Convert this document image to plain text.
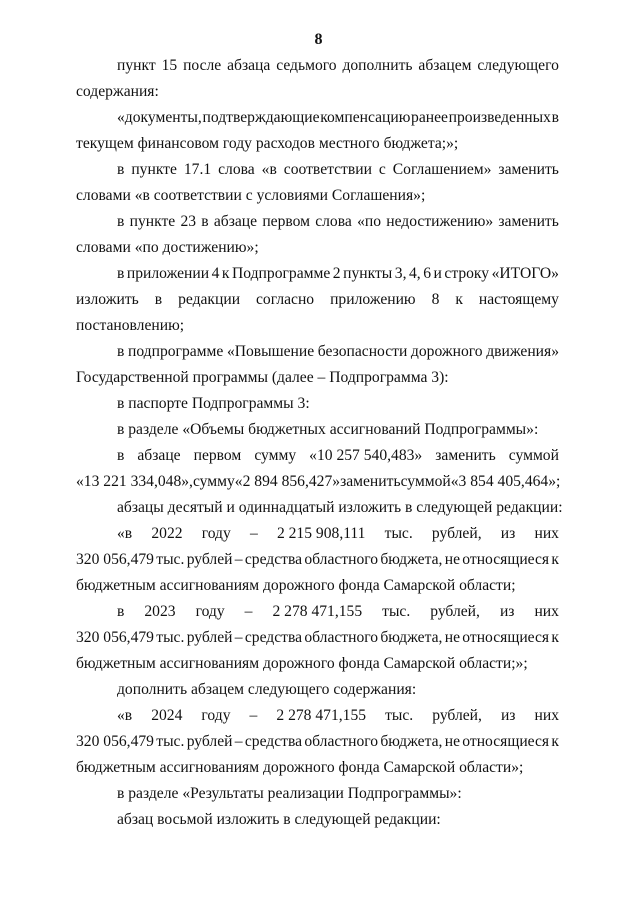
8
пункт 15 после абзаца седьмого дополнить абзацем следующего
содержания:
«документы, подтверждающие компенсацию ранее произведенных в
текущем финансовом году расходов местного бюджета;»;
в пункте 17.1 слова «в соответствии с Соглашением» заменить
словами «в соответствии с условиями Соглашения»;
в пункте 23 в абзаце первом слова «по недостижению» заменить
словами «по достижению»;
в приложении 4 к Подпрограмме 2 пункты 3, 4, 6 и строку «ИТОГО»
изложить в редакции согласно приложению 8 к настоящему
постановлению;
в подпрограмме «Повышение безопасности дорожного движения»
Государственной программы (далее – Подпрограмма 3):
в паспорте Подпрограммы 3:
в разделе «Объемы бюджетных ассигнований Подпрограммы»:
в абзаце первом сумму «10 257 540,483» заменить суммой
«13 221 334,048», сумму «2 894 856,427» заменить суммой «3 854 405,464»;
абзацы десятый и одиннадцатый изложить в следующей редакции:
«в 2022 году – 2 215 908,111 тыс. рублей, из них
320 056,479 тыс. рублей – средства областного бюджета, не относящиеся к
бюджетным ассигнованиям дорожного фонда Самарской области;
в 2023 году – 2 278 471,155 тыс. рублей, из них
320 056,479 тыс. рублей – средства областного бюджета, не относящиеся к
бюджетным ассигнованиям дорожного фонда Самарской области;»;
дополнить абзацем следующего содержания:
«в 2024 году – 2 278 471,155 тыс. рублей, из них
320 056,479 тыс. рублей – средства областного бюджета, не относящиеся к
бюджетным ассигнованиям дорожного фонда Самарской области»;
в разделе «Результаты реализации Подпрограммы»:
абзац восьмой изложить в следующей редакции:
